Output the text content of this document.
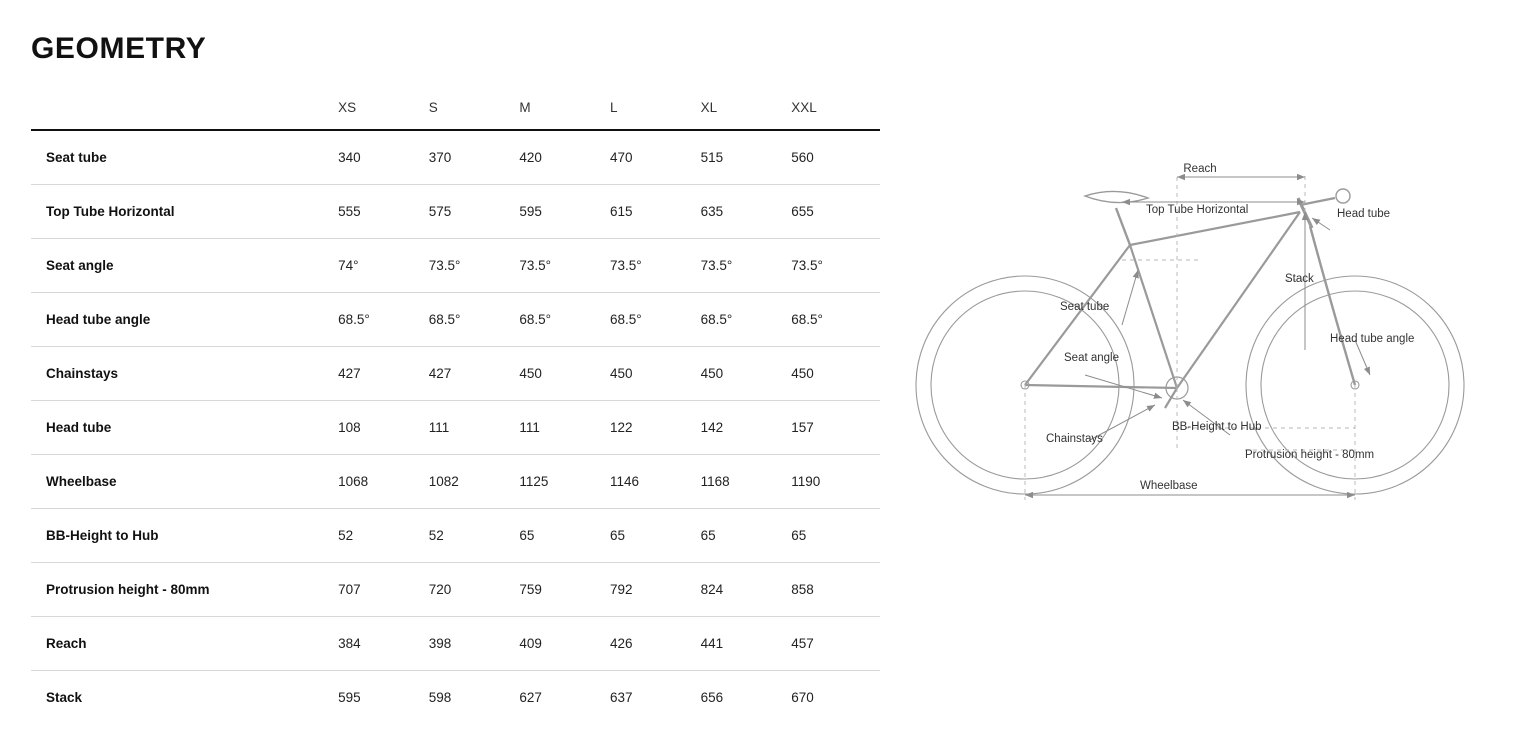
GEOMETRY
	XS	S	M	L	XL	XXL
Seat tube	340	370	420	470	515	560
Top Tube Horizontal	555	575	595	615	635	655
Seat angle	74°	73.5°	73.5°	73.5°	73.5°	73.5°
Head tube angle	68.5°	68.5°	68.5°	68.5°	68.5°	68.5°
Chainstays	427	427	450	450	450	450
Head tube	108	111	111	122	142	157
Wheelbase	1068	1082	1125	1146	1168	1190
BB-Height to Hub	52	52	65	65	65	65
Protrusion height - 80mm	707	720	759	792	824	858
Reach	384	398	409	426	441	457
Stack	595	598	627	637	656	670
Reach
Top Tube Horizontal	Head tube
Stack
Seat tube
Seat angle
Head tube angle
Chainstays
BB-Height to Hub
Protrusion height - 80mm
Wheelbase
